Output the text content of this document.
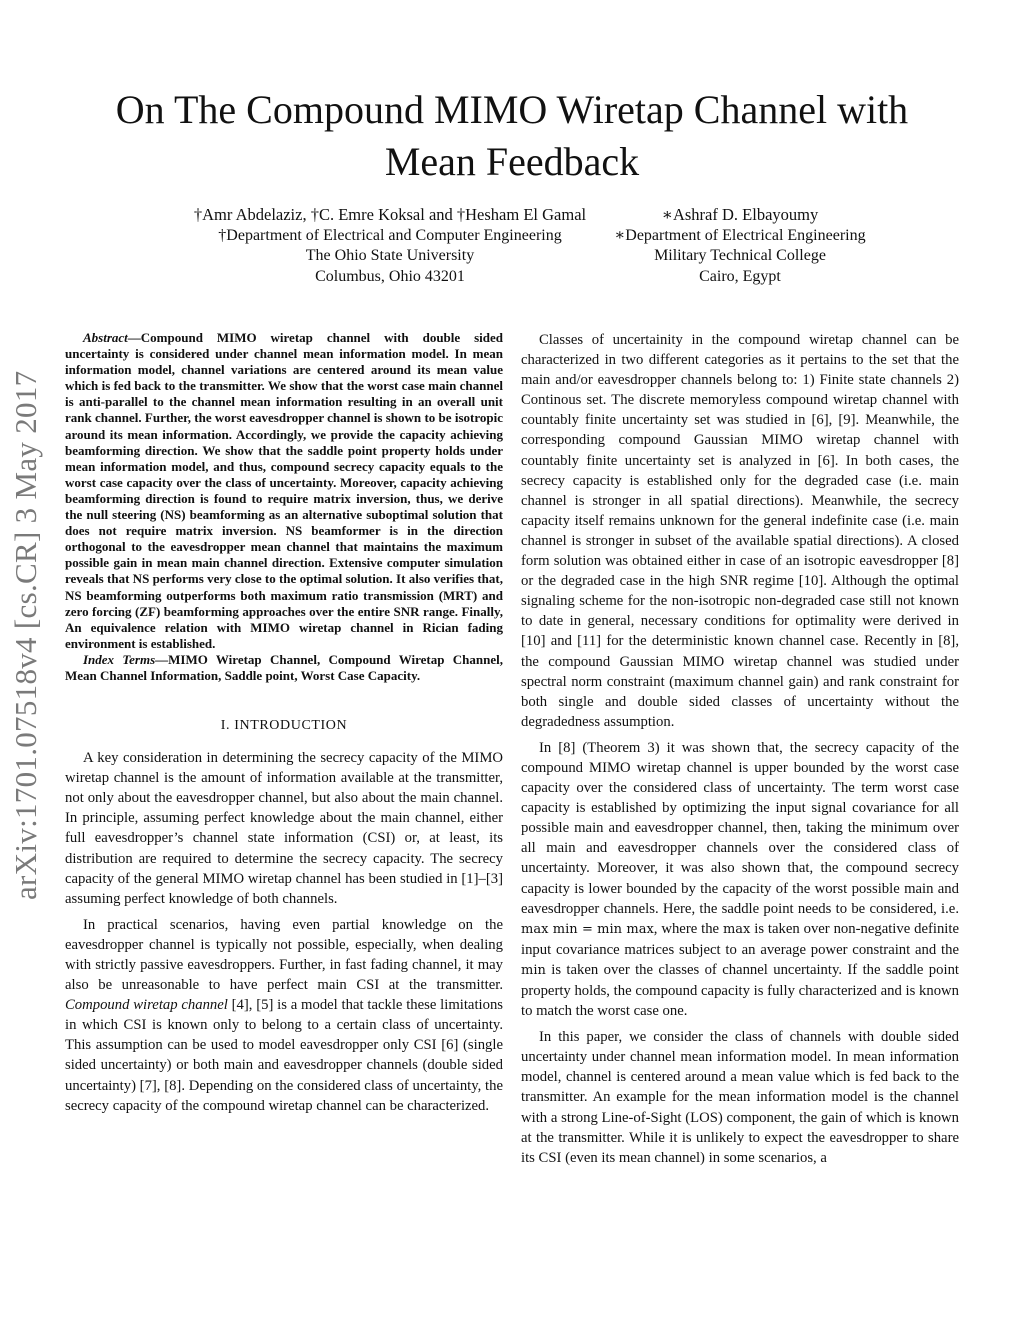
arXiv:1701.07518v4 [cs.CR] 3 May 2017
On The Compound MIMO Wiretap Channel with
Mean Feedback
†Amr Abdelaziz, †C. Emre Koksal and †Hesham El Gamal
†Department of Electrical and Computer Engineering
The Ohio State University
Columbus, Ohio 43201
∗Ashraf D. Elbayoumy
∗Department of Electrical Engineering
Military Technical College
Cairo, Egypt

Abstract—Compound MIMO wiretap channel with double sided uncertainty is considered under channel mean information model. In mean information model, channel variations are centered around its mean value which is fed back to the transmitter. We show that the worst case main channel is anti-parallel to the channel mean information resulting in an overall unit rank channel. Further, the worst eavesdropper channel is shown to be isotropic around its mean information. Accordingly, we provide the capacity achieving beamforming direction. We show that the saddle point property holds under mean information model, and thus, compound secrecy capacity equals to the worst case capacity over the class of uncertainty. Moreover, capacity achieving beamforming direction is found to require matrix inversion, thus, we derive the null steering (NS) beamforming as an alternative suboptimal solution that does not require matrix inversion. NS beamformer is in the direction orthogonal to the eavesdropper mean channel that maintains the maximum possible gain in mean main channel direction. Extensive computer simulation reveals that NS performs very close to the optimal solution. It also verifies that, NS beamforming outperforms both maximum ratio transmission (MRT) and zero forcing (ZF) beamforming approaches over the entire SNR range. Finally, An equivalence relation with MIMO wiretap channel in Rician fading environment is established.

Index Terms—MIMO Wiretap Channel, Compound Wiretap Channel, Mean Channel Information, Saddle point, Worst Case Capacity.

I. INTRODUCTION

A key consideration in determining the secrecy capacity of the MIMO wiretap channel is the amount of information available at the transmitter, not only about the eavesdropper channel, but also about the main channel. In principle, assuming perfect knowledge about the main channel, either full eavesdropper’s channel state information (CSI) or, at least, its distribution are required to determine the secrecy capacity. The secrecy capacity of the general MIMO wiretap channel has been studied in [1]–[3] assuming perfect knowledge of both channels.

In practical scenarios, having even partial knowledge on the eavesdropper channel is typically not possible, especially, when dealing with strictly passive eavesdroppers. Further, in fast fading channel, it may also be unreasonable to have perfect main CSI at the transmitter. Compound wiretap channel [4], [5] is a model that tackle these limitations in which CSI is known only to belong to a certain class of uncertainty. This assumption can be used to model eavesdropper only CSI [6] (single sided uncertainty) or both main and eavesdropper channels (double sided uncertainty) [7], [8]. Depending on the considered class of uncertainty, the secrecy capacity of the compound wiretap channel can be characterized.

Classes of uncertainity in the compound wiretap channel can be characterized in two different categories as it pertains to the set that the main and/or eavesdropper channels belong to: 1) Finite state channels 2) Continous set. The discrete memoryless compound wiretap channel with countably finite uncertainty set was studied in [6], [9]. Meanwhile, the corresponding compound Gaussian MIMO wiretap channel with countably finite uncertainty set is analyzed in [6]. In both cases, the secrecy capacity is established only for the degraded case (i.e. main channel is stronger in all spatial directions). Meanwhile, the secrecy capacity itself remains unknown for the general indefinite case (i.e. main channel is stronger in subset of the available spatial directions). A closed form solution was obtained either in case of an isotropic eavesdropper [8] or the degraded case in the high SNR regime [10]. Although the optimal signaling scheme for the non-isotropic non-degraded case still not known to date in general, necessary conditions for optimality were derived in [10] and [11] for the deterministic known channel case. Recently in [8], the compound Gaussian MIMO wiretap channel was studied under spectral norm constraint (maximum channel gain) and rank constraint for both single and double sided classes of uncertainty without the degradedness assumption.

In [8] (Theorem 3) it was shown that, the secrecy capacity of the compound MIMO wiretap channel is upper bounded by the worst case capacity over the considered class of uncertainty. The term worst case capacity is established by optimizing the input signal covariance for all possible main and eavesdropper channel, then, taking the minimum over all main and eavesdropper channels over the considered class of uncertainty. Moreover, it was also shown that, the compound secrecy capacity is lower bounded by the capacity of the worst possible main and eavesdropper channels. Here, the saddle point needs to be considered, i.e. max min = min max, where the max is taken over non-negative definite input covariance matrices subject to an average power constraint and the min is taken over the classes of channel uncertainty. If the saddle point property holds, the compound capacity is fully characterized and is known to match the worst case one.

In this paper, we consider the class of channels with double sided uncertainty under channel mean information model. In mean information model, channel is centered around a mean value which is fed back to the transmitter. An example for the mean information model is the channel with a strong Line-of-Sight (LOS) component, the gain of which is known at the transmitter. While it is unlikely to expect the eavesdropper to share its CSI (even its mean channel) in some scenarios, a
